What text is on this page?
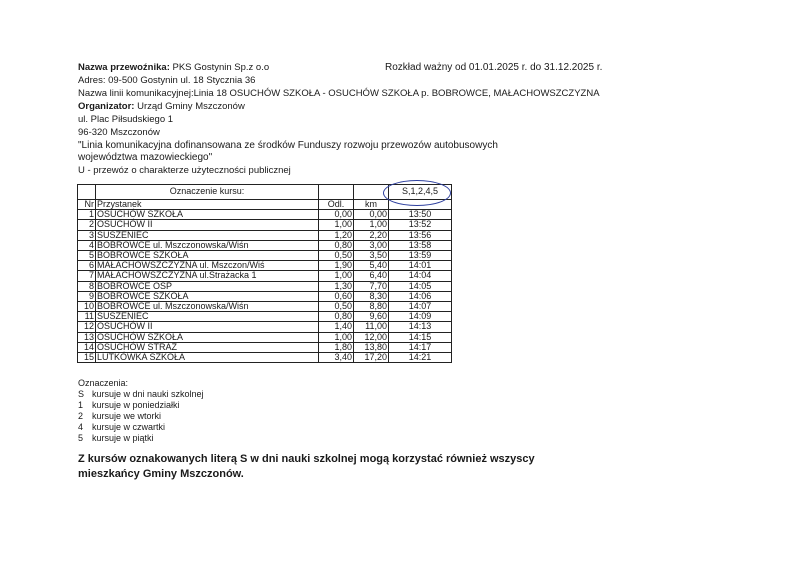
Nazwa przewoźnika: PKS Gostynin Sp.z o.o	Rozkład ważny od 01.01.2025 r. do 31.12.2025 r.
Adres: 09-500 Gostynin ul. 18 Stycznia 36
Nazwa linii komunikacyjnej:Linia 18 OSUCHÓW SZKOŁA - OSUCHÓW SZKOŁA p. BOBROWCE, MAŁACHOWSZCZYZNA
Organizator: Urząd Gminy Mszczonów
ul. Plac Piłsudskiego 1
96-320 Mszczonów
"Linia komunikacyjna dofinansowana ze środków Funduszy rozwoju przewozów autobusowych
województwa mazowieckiego"
U - przewóz o charakterze użyteczności publicznej
	Oznaczenie kursu:			S,1,2,4,5
Nr	Przystanek	Odl.	km	
1	OSUCHÓW SZKOŁA	0,00	0,00	13:50
2	OSUCHÓW II	1,00	1,00	13:52
3	SUSZENIEC	1,20	2,20	13:56
4	BOBROWCE ul. Mszczonowska/Wiśn	0,80	3,00	13:58
5	BOBROWCE SZKOŁA	0,50	3,50	13:59
6	MAŁACHOWSZCZYZNA ul. Mszczon/Wiś	1,90	5,40	14:01
7	MAŁACHOWSZCZYZNA ul.Strażacka 1	1,00	6,40	14:04
8	BOBROWCE OSP	1,30	7,70	14:05
9	BOBROWCE SZKOŁA	0,60	8,30	14:06
10	BOBROWCE ul. Mszczonowska/Wiśn	0,50	8,80	14:07
11	SUSZENIEC	0,80	9,60	14:09
12	OSUCHÓW II	1,40	11,00	14:13
13	OSUCHÓW SZKOŁA	1,00	12,00	14:15
14	OSUCHÓW STRAŻ	1,80	13,80	14:17
15	LUTKÓWKA SZKOŁA	3,40	17,20	14:21
Oznaczenia:
S kursuje w dni nauki szkolnej
1 kursuje w poniedziałki
2 kursuje we wtorki
4 kursuje w czwartki
5 kursuje w piątki
Z kursów oznakowanych literą S w dni nauki szkolnej mogą korzystać również wszyscy
mieszkańcy Gminy Mszczonów.
